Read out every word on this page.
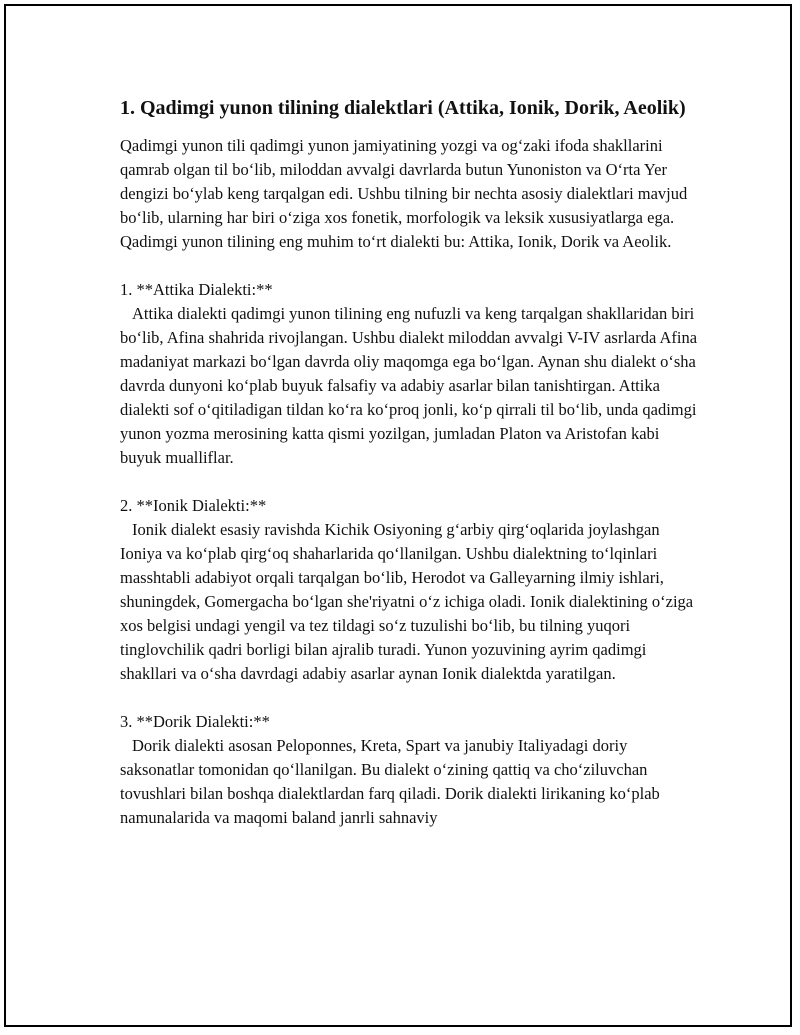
1. Qadimgi yunon tilining dialektlari (Attika, Ionik, Dorik, Aeolik)

Qadimgi yunon tili qadimgi yunon jamiyatining yozgi va og‘zaki ifoda shakllarini qamrab olgan til bo‘lib, miloddan avvalgi davrlarda butun Yunoniston va O‘rta Yer dengizi bo‘ylab keng tarqalgan edi. Ushbu tilning bir nechta asosiy dialektlari mavjud bo‘lib, ularning har biri o‘ziga xos fonetik, morfologik va leksik xususiyatlarga ega. Qadimgi yunon tilining eng muhim to‘rt dialekti bu: Attika, Ionik, Dorik va Aeolik.

1. **Attika Dialekti:**

Attika dialekti qadimgi yunon tilining eng nufuzli va keng tarqalgan shakllaridan biri bo‘lib, Afina shahrida rivojlangan. Ushbu dialekt miloddan avvalgi V-IV asrlarda Afina madaniyat markazi bo‘lgan davrda oliy maqomga ega bo‘lgan. Aynan shu dialekt o‘sha davrda dunyoni ko‘plab buyuk falsafiy va adabiy asarlar bilan tanishtirgan. Attika dialekti sof o‘qitiladigan tildan ko‘ra ko‘proq jonli, ko‘p qirrali til bo‘lib, unda qadimgi yunon yozma merosining katta qismi yozilgan, jumladan Platon va Aristofan kabi buyuk mualliflar.

2. **Ionik Dialekti:**

Ionik dialekt esasiy ravishda Kichik Osiyoning g‘arbiy qirg‘oqlarida joylashgan Ioniya va ko‘plab qirg‘oq shaharlarida qo‘llanilgan. Ushbu dialektning to‘lqinlari masshtabli adabiyot orqali tarqalgan bo‘lib, Herodot va Galleyarning ilmiy ishlari, shuningdek, Gomergacha bo‘lgan she'riyatni o‘z ichiga oladi. Ionik dialektining o‘ziga xos belgisi undagi yengil va tez tildagi so‘z tuzulishi bo‘lib, bu tilning yuqori tinglovchilik qadri borligi bilan ajralib turadi. Yunon yozuvining ayrim qadimgi shakllari va o‘sha davrdagi adabiy asarlar aynan Ionik dialektda yaratilgan.

3. **Dorik Dialekti:**

Dorik dialekti asosan Peloponnes, Kreta, Spart va janubiy Italiyadagi doriy saksonatlar tomonidan qo‘llanilgan. Bu dialekt o‘zining qattiq va cho‘ziluvchan tovushlari bilan boshqa dialektlardan farq qiladi. Dorik dialekti lirikaning ko‘plab namunalarida va maqomi baland janrli sahnaviy
